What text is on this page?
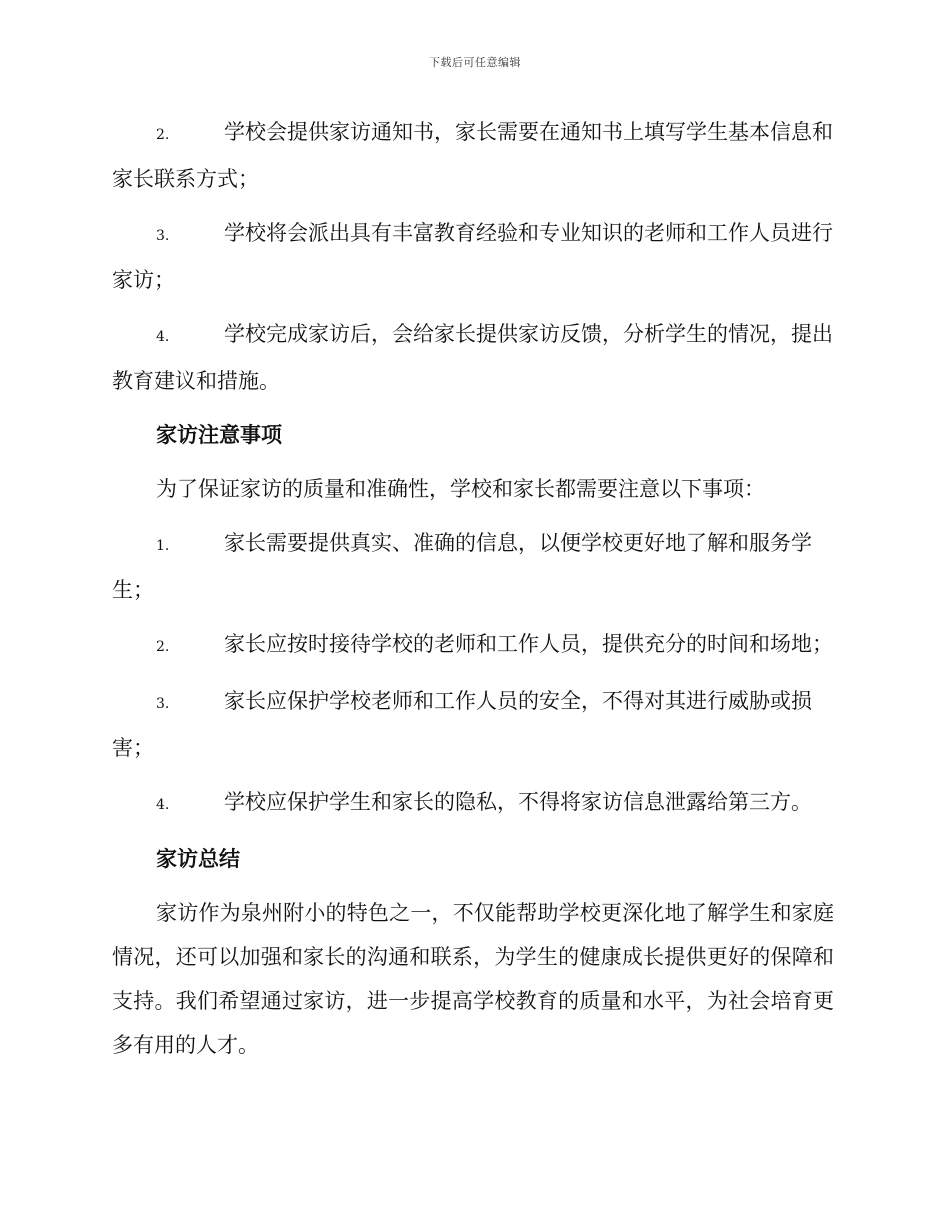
下载后可任意编辑
2.	学校会提供家访通知书，家长需要在通知书上填写学生基本信息和家长联系方式；
3.	学校将会派出具有丰富教育经验和专业知识的老师和工作人员进行家访；
4.	学校完成家访后，会给家长提供家访反馈，分析学生的情况，提出教育建议和措施。
家访注意事项
为了保证家访的质量和准确性，学校和家长都需要注意以下事项：
1.	家长需要提供真实、准确的信息，以便学校更好地了解和服务学生；
2.	家长应按时接待学校的老师和工作人员，提供充分的时间和场地；
3.	家长应保护学校老师和工作人员的安全，不得对其进行威胁或损害；
4.	学校应保护学生和家长的隐私，不得将家访信息泄露给第三方。
家访总结
家访作为泉州附小的特色之一，不仅能帮助学校更深化地了解学生和家庭情况，还可以加强和家长的沟通和联系，为学生的健康成长提供更好的保障和支持。我们希望通过家访，进一步提高学校教育的质量和水平，为社会培育更多有用的人才。
